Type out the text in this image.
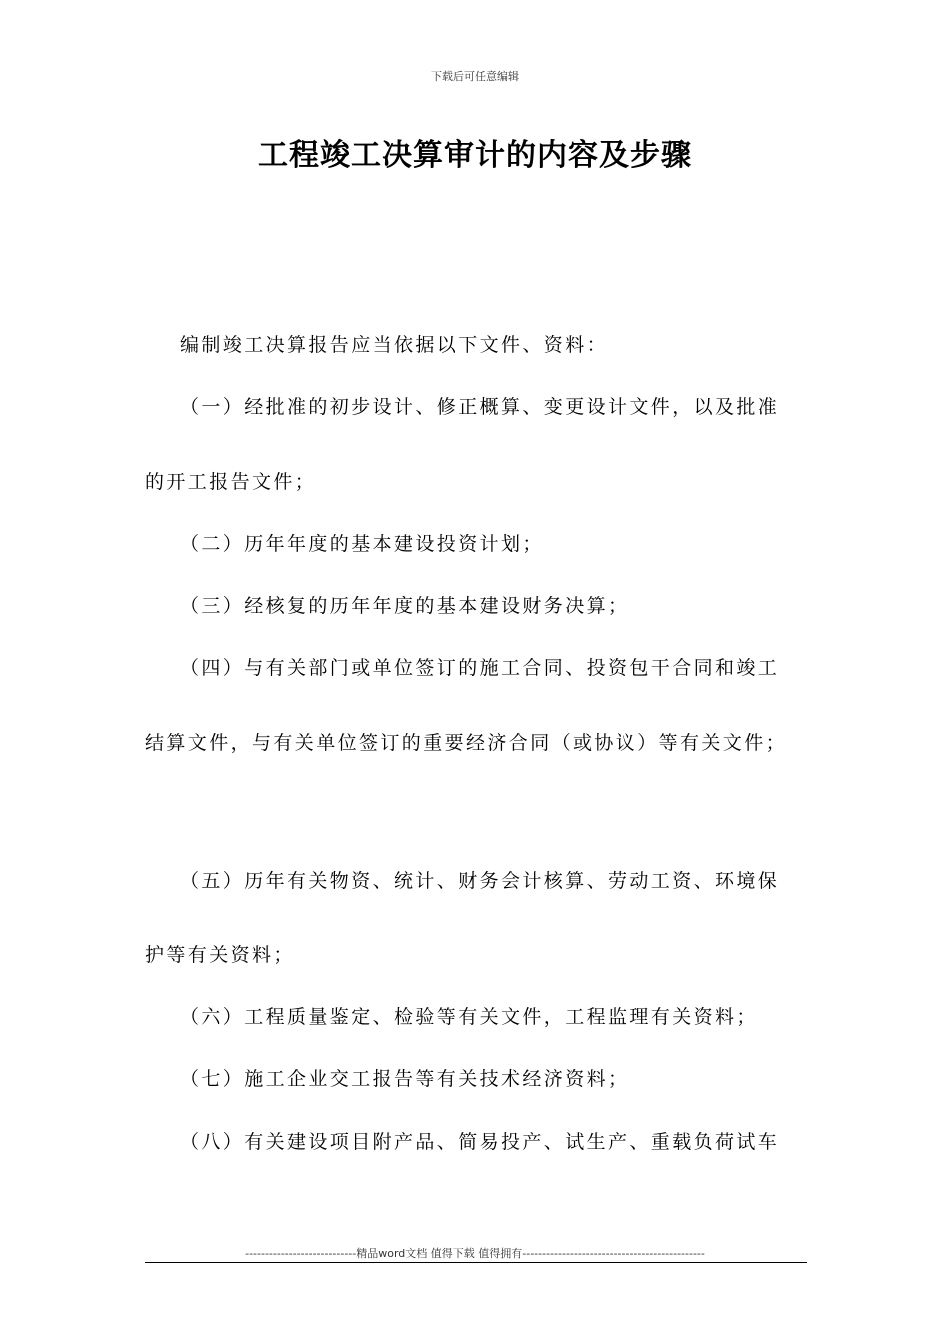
下载后可任意编辑
工程竣工决算审计的内容及步骤
编制竣工决算报告应当依据以下文件、资料：
（一）经批准的初步设计、修正概算、变更设计文件，以及批准
的开工报告文件；
（二）历年年度的基本建设投资计划；
（三）经核复的历年年度的基本建设财务决算；
（四）与有关部门或单位签订的施工合同、投资包干合同和竣工
结算文件，与有关单位签订的重要经济合同（或协议）等有关文件；
（五）历年有关物资、统计、财务会计核算、劳动工资、环境保
护等有关资料；
（六）工程质量鉴定、检验等有关文件，工程监理有关资料；
（七）施工企业交工报告等有关技术经济资料；
（八）有关建设项目附产品、简易投产、试生产、重载负荷试车
----------------------------精品word文档 值得下载 值得拥有----------------------------------------------
